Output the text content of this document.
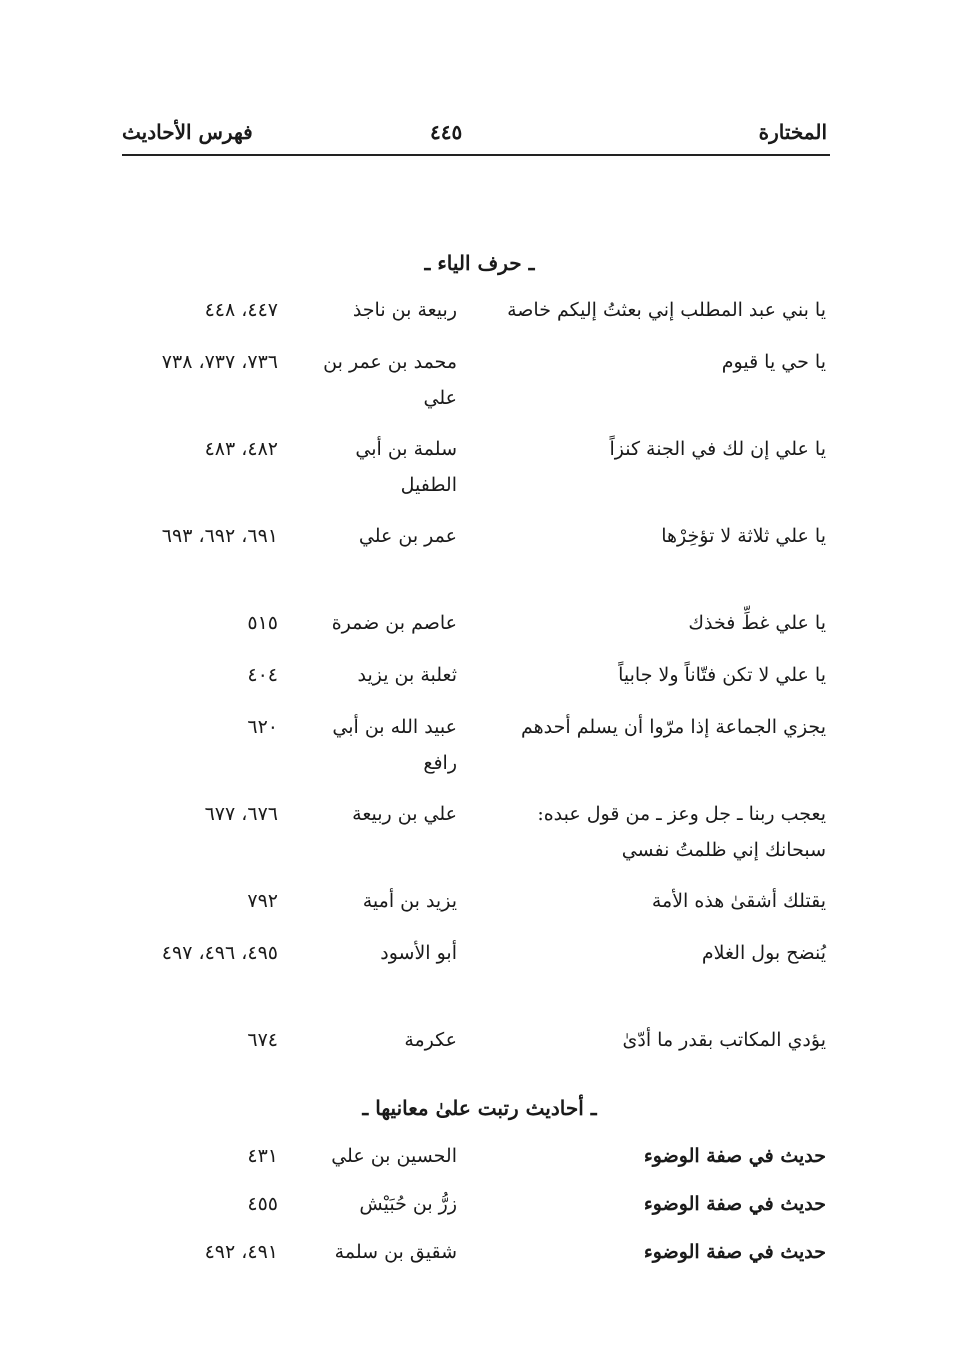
المختارة
٤٤٥
فهرس الأحاديث
ـ حرف الياء ـ
يا بني عبد المطلب إني بعثتُ إليكم خاصة
ربيعة بن ناجذ
٤٤٧، ٤٤٨
يا حي يا قيوم
محمد بن عمر بن علي
٧٣٦، ٧٣٧، ٧٣٨
يا علي إن لك في الجنة كنزاً
سلمة بن أبي الطفيل
٤٨٢، ٤٨٣
يا علي ثلاثة لا تؤخِرْها
عمر بن علي
٦٩١، ٦٩٢، ٦٩٣
يا علي غطِّ فخذك
عاصم بن ضمرة
٥١٥
يا علي لا تكن فتّاناً ولا جابياً
ثعلبة بن يزيد
٤٠٤
يجزي الجماعة إذا مرّوا أن يسلم أحدهم
عبيد الله بن أبي رافع
٦٢٠
يعجب ربنا ـ جل وعز ـ من قول عبده: سبحانك إني ظلمتُ نفسي
علي بن ربيعة
٦٧٦، ٦٧٧
يقتلك أشقىٰ هذه الأمة
يزيد بن أمية
٧٩٢
يُنضح بول الغلام
أبو الأسود
٤٩٥، ٤٩٦، ٤٩٧
يؤدي المكاتب بقدر ما أدّىٰ
عكرمة
٦٧٤
ـ أحاديث رتبت علىٰ معانيها ـ
حديث في صفة الوضوء
الحسين بن علي
٤٣١
حديث في صفة الوضوء
زرُّ بن حُبَيْش
٤٥٥
حديث في صفة الوضوء
شقيق بن سلمة
٤٩١، ٤٩٢
